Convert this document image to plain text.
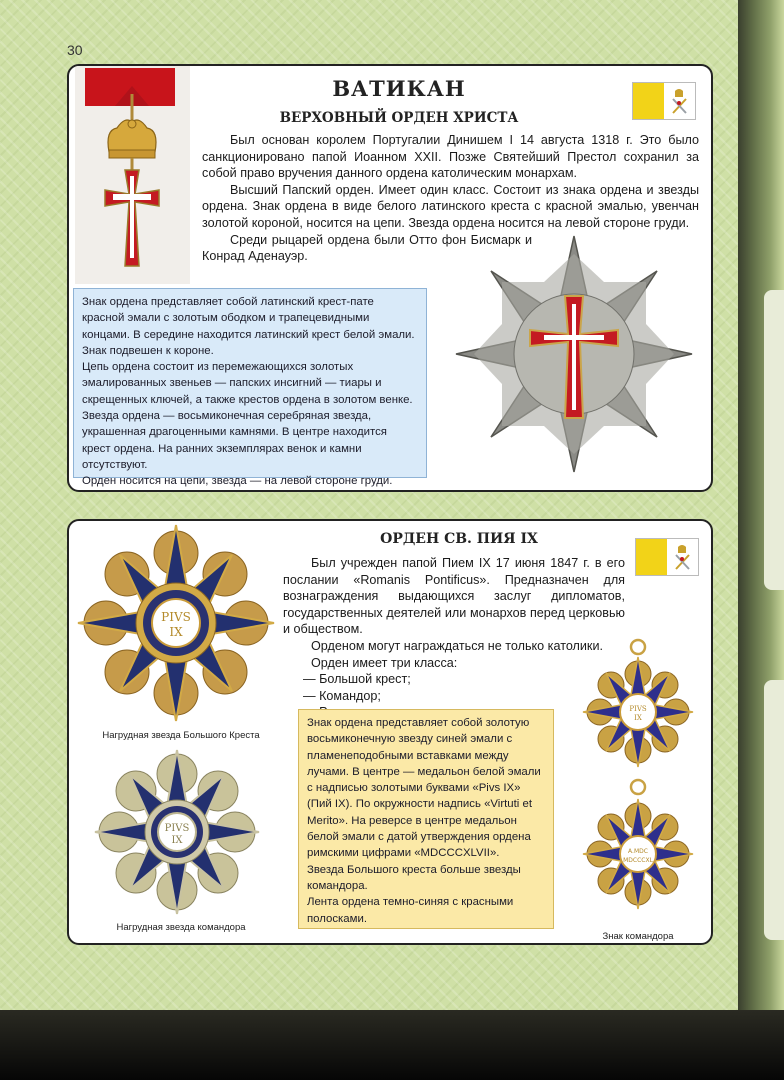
30
ВАТИКАН
ВЕРХОВНЫЙ ОРДЕН ХРИСТА

Был основан королем Португалии Динишем I 14 августа 1318 г. Это было санкционировано папой Иоанном XXII. Позже Святейший Престол сохранил за собой право вручения данного ордена католическим монархам.

Высший Папский орден. Имеет один класс. Состоит из знака ордена и звезды ордена. Знак ордена в виде белого латинского креста с красной эмалью, увенчан золотой короной, носится на цепи. Звезда ордена носится на левой стороне груди.

Среди рыцарей ордена были Отто фон Бисмарк и Конрад Аденауэр.

Знак ордена представляет собой латинский крест-пате красной эмали с золотым ободком и трапецевидными концами. В середине находится латинский крест белой эмали. Знак подвешен к короне.

Цепь ордена состоит из перемежающихся золотых эмалированных звеньев — папских инсигний — тиары и скрещенных ключей, а также крестов ордена в золотом венке. Звезда ордена — восьмиконечная серебряная звезда, украшенная драгоценными камнями. В центре находится крест ордена. На ранних экземплярах венок и камни отсутствуют.

Орден носится на цепи, звезда — на левой стороне груди.

ОРДЕН СВ. ПИЯ IX

Был учрежден папой Пием IX 17 июня 1847 г. в его послании «Romanis Pontificus». Предназначен для вознаграждения выдающихся заслуг дипломатов, государственных деятелей или монархов перед церковью и обществом.

Орденом могут награждаться не только католики.

Орден имеет три класса:

— Большой крест;

— Командор;

Знак ордена представляет собой золотую восьмиконечную звезду синей эмали с пламенеподобными вставками между лучами. В центре — медальон белой эмали с надписью золотыми буквами «Pivs IX» (Пий IX). По окружности надпись «Virtuti et Merito». На реверсе в центре медальон белой эмали с датой утверждения ордена римскими цифрами «MDCCCXLVII».

Звезда Большого креста больше звезды командора.

Лента ордена темно-синяя с красными полосками.

PIVS
IX
Нагрудная звезда Большого Креста
PIVS
IX
Нагрудная звезда командора
PIVS
IX
A.MDC
MDCCCXL
Знак командора
